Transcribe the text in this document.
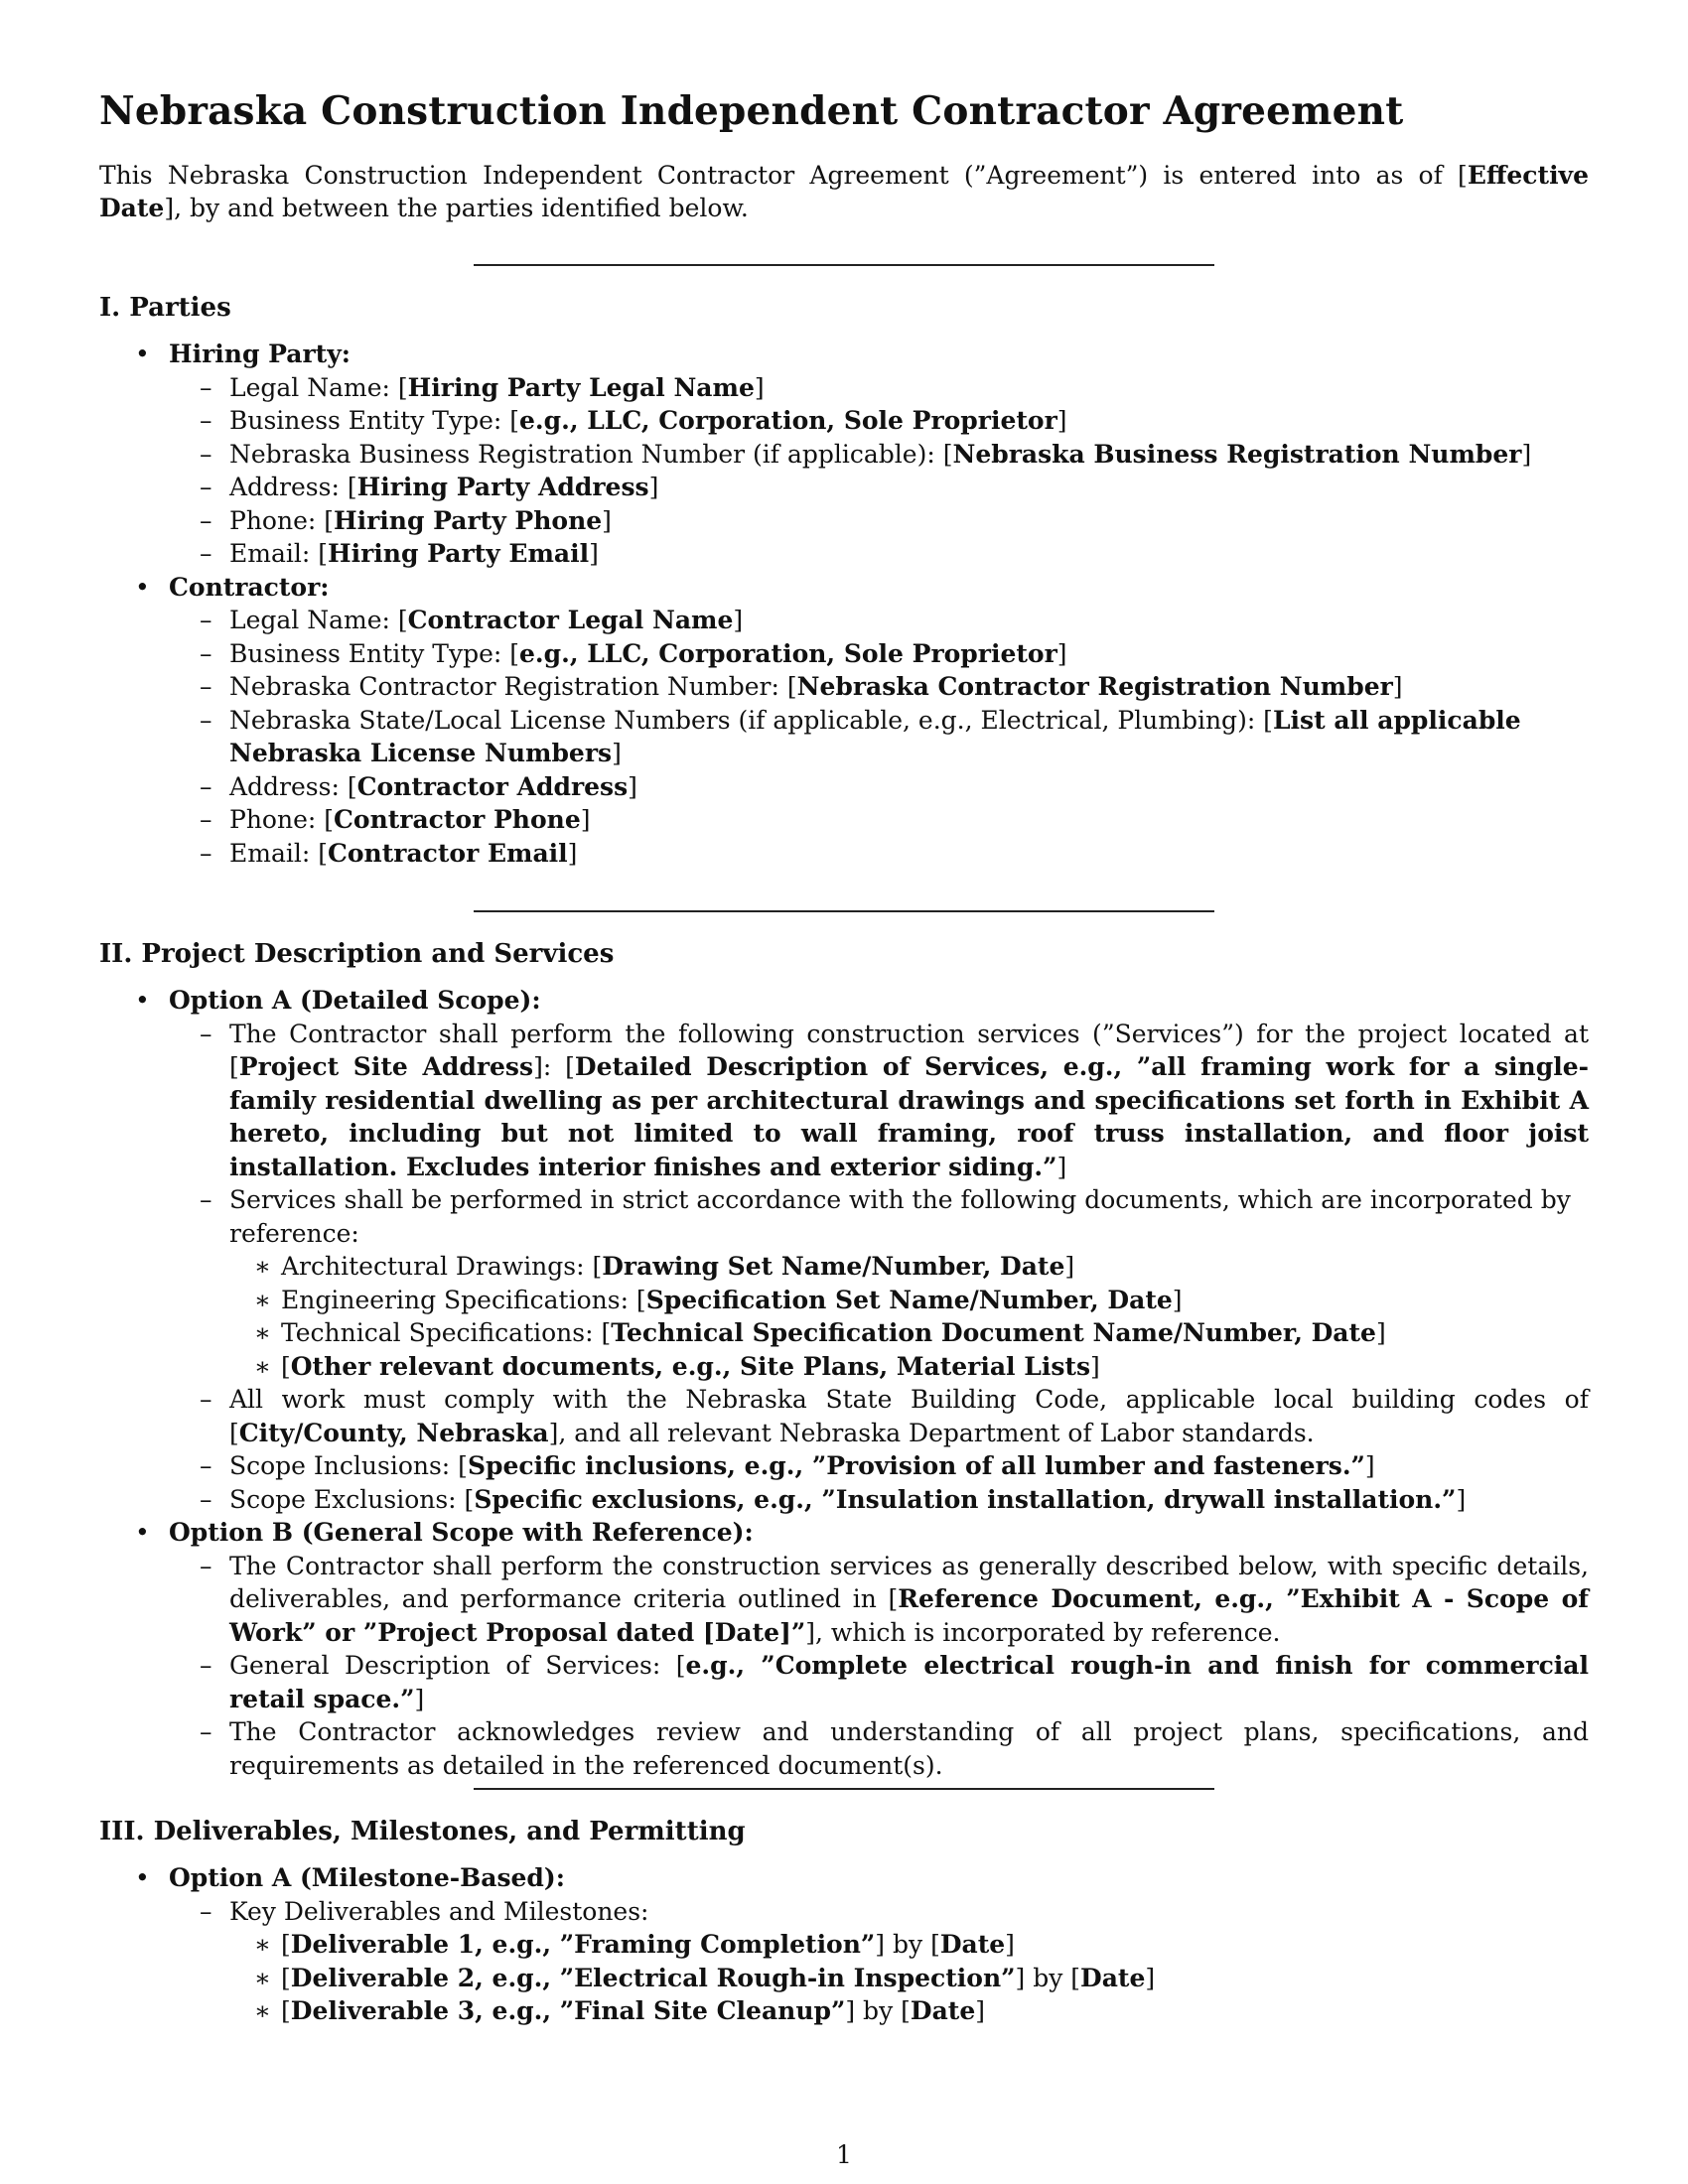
Nebraska Construction Independent Contractor Agreement

This Nebraska Construction Independent Contractor Agreement (”Agreement”) is entered into as of [Effective Date], by and between the parties identified below.

I. Parties
• Hiring Party:
– Legal Name: [Hiring Party Legal Name]
– Business Entity Type: [e.g., LLC, Corporation, Sole Proprietor]
– Nebraska Business Registration Number (if applicable): [Nebraska Business Registration Number]
– Address: [Hiring Party Address]
– Phone: [Hiring Party Phone]
– Email: [Hiring Party Email]
• Contractor:
– Legal Name: [Contractor Legal Name]
– Business Entity Type: [e.g., LLC, Corporation, Sole Proprietor]
– Nebraska Contractor Registration Number: [Nebraska Contractor Registration Number]
– Nebraska State/Local License Numbers (if applicable, e.g., Electrical, Plumbing): [List all applicable Nebraska License Numbers]
– Address: [Contractor Address]
– Phone: [Contractor Phone]
– Email: [Contractor Email]
II. Project Description and Services
• Option A (Detailed Scope):
– The Contractor shall perform the following construction services (”Services”) for the project located at [Project Site Address]: [Detailed Description of Services, e.g., ”all framing work for a single-family residential dwelling as per architectural drawings and specifications set forth in Exhibit A hereto, including but not limited to wall framing, roof truss installation, and floor joist installation. Excludes interior finishes and exterior siding.”]
– Services shall be performed in strict accordance with the following documents, which are incorporated by reference:
∗ Architectural Drawings: [Drawing Set Name/Number, Date]
∗ Engineering Specifications: [Specification Set Name/Number, Date]
∗ Technical Specifications: [Technical Specification Document Name/Number, Date]
∗ [Other relevant documents, e.g., Site Plans, Material Lists]
– All work must comply with the Nebraska State Building Code, applicable local building codes of [City/County, Nebraska], and all relevant Nebraska Department of Labor standards.
– Scope Inclusions: [Specific inclusions, e.g., ”Provision of all lumber and fasteners.”]
– Scope Exclusions: [Specific exclusions, e.g., ”Insulation installation, drywall installation.”]
• Option B (General Scope with Reference):
– The Contractor shall perform the construction services as generally described below, with specific details, deliverables, and performance criteria outlined in [Reference Document, e.g., ”Exhibit A - Scope of Work” or ”Project Proposal dated [Date]”], which is incorporated by reference.
– General Description of Services: [e.g., ”Complete electrical rough-in and finish for commercial retail space.”]
– The Contractor acknowledges review and understanding of all project plans, specifications, and requirements as detailed in the referenced document(s).
III. Deliverables, Milestones, and Permitting
• Option A (Milestone-Based):
– Key Deliverables and Milestones:
∗ [Deliverable 1, e.g., ”Framing Completion”] by [Date]
∗ [Deliverable 2, e.g., ”Electrical Rough-in Inspection”] by [Date]
∗ [Deliverable 3, e.g., ”Final Site Cleanup”] by [Date]
1
